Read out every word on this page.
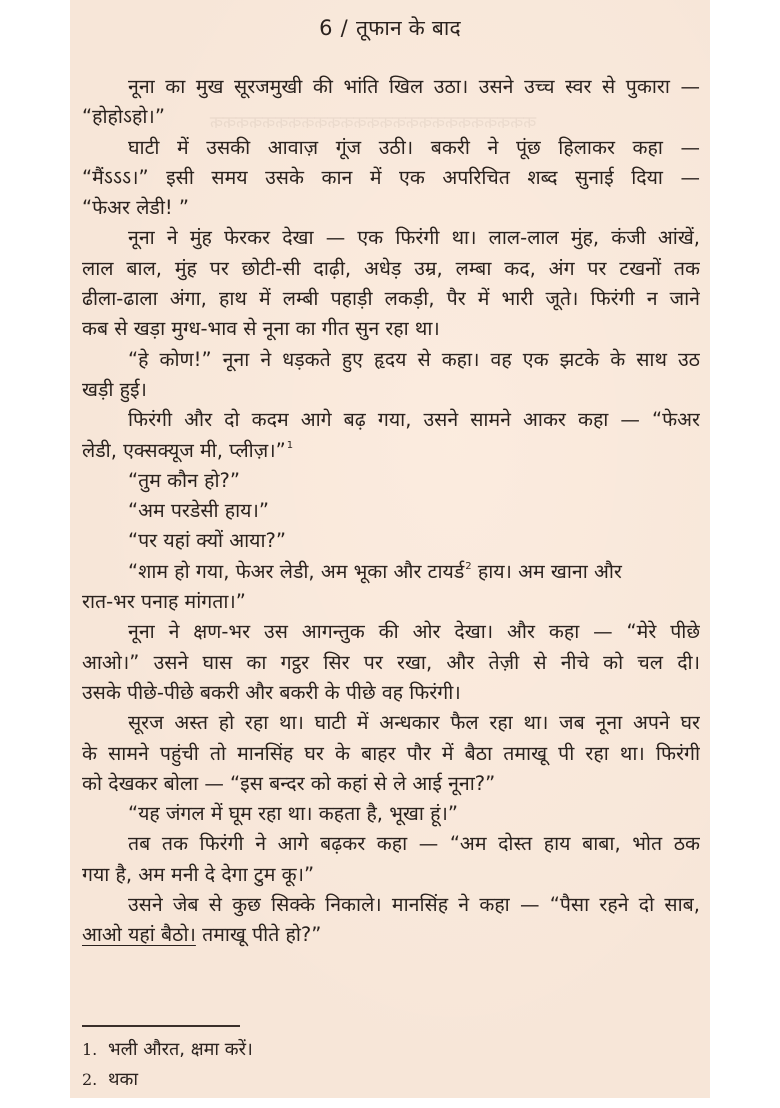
ककककककककककककककककककककककककक
6 / तूफान के बाद
नूना का मुख सूरजमुखी की भांति खिल उठा। उसने उच्च स्वर से पुकारा —
“होहोऽहो।”
घाटी में उसकी आवाज़ गूंज उठी। बकरी ने पूंछ हिलाकर कहा —
“मैंऽऽऽ।” इसी समय उसके कान में एक अपरिचित शब्द सुनाई दिया —
“फेअर लेडी! ”
नूना ने मुंह फेरकर देखा — एक फिरंगी था। लाल-लाल मुंह, कंजी आंखें,
लाल बाल, मुंह पर छोटी-सी दाढ़ी, अधेड़ उम्र, लम्बा कद, अंग पर टखनों तक
ढीला-ढाला अंगा, हाथ में लम्बी पहाड़ी लकड़ी, पैर में भारी जूते। फिरंगी न जाने
कब से खड़ा मुग्ध-भाव से नूना का गीत सुन रहा था।
“हे कोण!” नूना ने धड़कते हुए हृदय से कहा। वह एक झटके के साथ उठ
खड़ी हुई।
फिरंगी और दो कदम आगे बढ़ गया, उसने सामने आकर कहा — “फेअर
लेडी, एक्सक्यूज मी, प्लीज़।”$^1$
“तुम कौन हो?”
“अम परडेसी हाय।”
“पर यहां क्यों आया?”
“शाम हो गया, फेअर लेडी, अम भूका और टायर्ड$^2$ हाय। अम खाना और
रात-भर पनाह मांगता।”
नूना ने क्षण-भर उस आगन्तुक की ओर देखा। और कहा — “मेरे पीछे
आओ।” उसने घास का गट्ठर सिर पर रखा, और तेज़ी से नीचे को चल दी।
उसके पीछे-पीछे बकरी और बकरी के पीछे वह फिरंगी।
सूरज अस्त हो रहा था। घाटी में अन्धकार फैल रहा था। जब नूना अपने घर
के सामने पहुंची तो मानसिंह घर के बाहर पौर में बैठा तमाखू पी रहा था। फिरंगी
को देखकर बोला — “इस बन्दर को कहां से ले आई नूना?”
“यह जंगल में घूम रहा था। कहता है, भूखा हूं।”
तब तक फिरंगी ने आगे बढ़कर कहा — “अम दोस्त हाय बाबा, भोत ठक
गया है, अम मनी दे देगा टुम कू।”
उसने जेब से कुछ सिक्के निकाले। मानसिंह ने कहा — “पैसा रहने दो साब,
आओ यहां बैठो। तमाखू पीते हो?”
1. भली औरत, क्षमा करें।
2. थका
